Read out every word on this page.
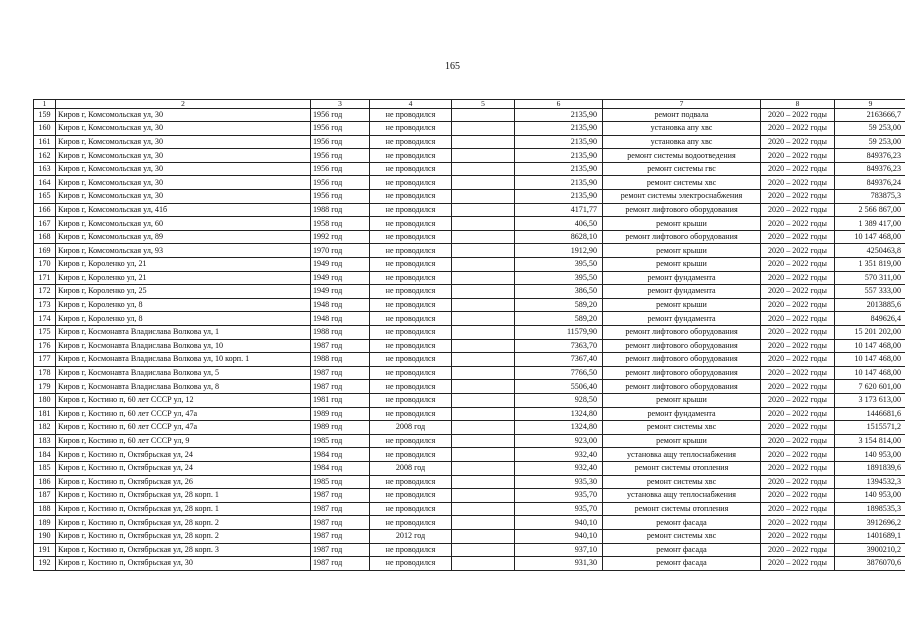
165
1	2	3	4	5	6	7	8	9
159	Киров г, Комсомольская ул, 30	1956 год	не проводился		2135,90	ремонт подвала	2020 – 2022 годы	2163666,7
160	Киров г, Комсомольская ул, 30	1956 год	не проводился		2135,90	установка апу хвс	2020 – 2022 годы	59 253,00
161	Киров г, Комсомольская ул, 30	1956 год	не проводился		2135,90	установка апу хвс	2020 – 2022 годы	59 253,00
162	Киров г, Комсомольская ул, 30	1956 год	не проводился		2135,90	ремонт системы водоотведения	2020 – 2022 годы	849376,23
163	Киров г, Комсомольская ул, 30	1956 год	не проводился		2135,90	ремонт системы гвс	2020 – 2022 годы	849376,23
164	Киров г, Комсомольская ул, 30	1956 год	не проводился		2135,90	ремонт системы хвс	2020 – 2022 годы	849376,24
165	Киров г, Комсомольская ул, 30	1956 год	не проводился		2135,90	ремонт системы электроснабжения	2020 – 2022 годы	783875,3
166	Киров г, Комсомольская ул, 41б	1988 год	не проводился		4171,77	ремонт лифтового оборудования	2020 – 2022 годы	2 566 867,00
167	Киров г, Комсомольская ул, 60	1958 год	не проводился		406,50	ремонт крыши	2020 – 2022 годы	1 389 417,00
168	Киров г, Комсомольская ул, 89	1992 год	не проводился		8628,10	ремонт лифтового оборудования	2020 – 2022 годы	10 147 468,00
169	Киров г, Комсомольская ул, 93	1970 год	не проводился		1912,90	ремонт крыши	2020 – 2022 годы	4250463,8
170	Киров г, Короленко ул, 21	1949 год	не проводился		395,50	ремонт крыши	2020 – 2022 годы	1 351 819,00
171	Киров г, Короленко ул, 21	1949 год	не проводился		395,50	ремонт фундамента	2020 – 2022 годы	570 311,00
172	Киров г, Короленко ул, 25	1949 год	не проводился		386,50	ремонт фундамента	2020 – 2022 годы	557 333,00
173	Киров г, Короленко ул, 8	1948 год	не проводился		589,20	ремонт крыши	2020 – 2022 годы	2013885,6
174	Киров г, Короленко ул, 8	1948 год	не проводился		589,20	ремонт фундамента	2020 – 2022 годы	849626,4
175	Киров г, Космонавта Владислава Волкова ул, 1	1988 год	не проводился		11579,90	ремонт лифтового оборудования	2020 – 2022 годы	15 201 202,00
176	Киров г, Космонавта Владислава Волкова ул, 10	1987 год	не проводился		7363,70	ремонт лифтового оборудования	2020 – 2022 годы	10 147 468,00
177	Киров г, Космонавта Владислава Волкова ул, 10 корп. 1	1988 год	не проводился		7367,40	ремонт лифтового оборудования	2020 – 2022 годы	10 147 468,00
178	Киров г, Космонавта Владислава Волкова ул, 5	1987 год	не проводился		7766,50	ремонт лифтового оборудования	2020 – 2022 годы	10 147 468,00
179	Киров г, Космонавта Владислава Волкова ул, 8	1987 год	не проводился		5506,40	ремонт лифтового оборудования	2020 – 2022 годы	7 620 601,00
180	Киров г, Костино п, 60 лет СССР ул, 12	1981 год	не проводился		928,50	ремонт крыши	2020 – 2022 годы	3 173 613,00
181	Киров г, Костино п, 60 лет СССР ул, 47а	1989 год	не проводился		1324,80	ремонт фундамента	2020 – 2022 годы	1446681,6
182	Киров г, Костино п, 60 лет СССР ул, 47а	1989 год	2008 год		1324,80	ремонт системы хвс	2020 – 2022 годы	1515571,2
183	Киров г, Костино п, 60 лет СССР ул, 9	1985 год	не проводился		923,00	ремонт крыши	2020 – 2022 годы	3 154 814,00
184	Киров г, Костино п, Октябрьская ул, 24	1984 год	не проводился		932,40	установка ащу теплоснабжения	2020 – 2022 годы	140 953,00
185	Киров г, Костино п, Октябрьская ул, 24	1984 год	2008 год		932,40	ремонт системы отопления	2020 – 2022 годы	1891839,6
186	Киров г, Костино п, Октябрьская ул, 26	1985 год	не проводился		935,30	ремонт системы хвс	2020 – 2022 годы	1394532,3
187	Киров г, Костино п, Октябрьская ул, 28 корп. 1	1987 год	не проводился		935,70	установка ащу теплоснабжения	2020 – 2022 годы	140 953,00
188	Киров г, Костино п, Октябрьская ул, 28 корп. 1	1987 год	не проводился		935,70	ремонт системы отопления	2020 – 2022 годы	1898535,3
189	Киров г, Костино п, Октябрьская ул, 28 корп. 2	1987 год	не проводился		940,10	ремонт фасада	2020 – 2022 годы	3912696,2
190	Киров г, Костино п, Октябрьская ул, 28 корп. 2	1987 год	2012 год		940,10	ремонт системы хвс	2020 – 2022 годы	1401689,1
191	Киров г, Костино п, Октябрьская ул, 28 корп. 3	1987 год	не проводился		937,10	ремонт фасада	2020 – 2022 годы	3900210,2
192	Киров г, Костино п, Октябрьская ул, 30	1987 год	не проводился		931,30	ремонт фасада	2020 – 2022 годы	3876070,6
